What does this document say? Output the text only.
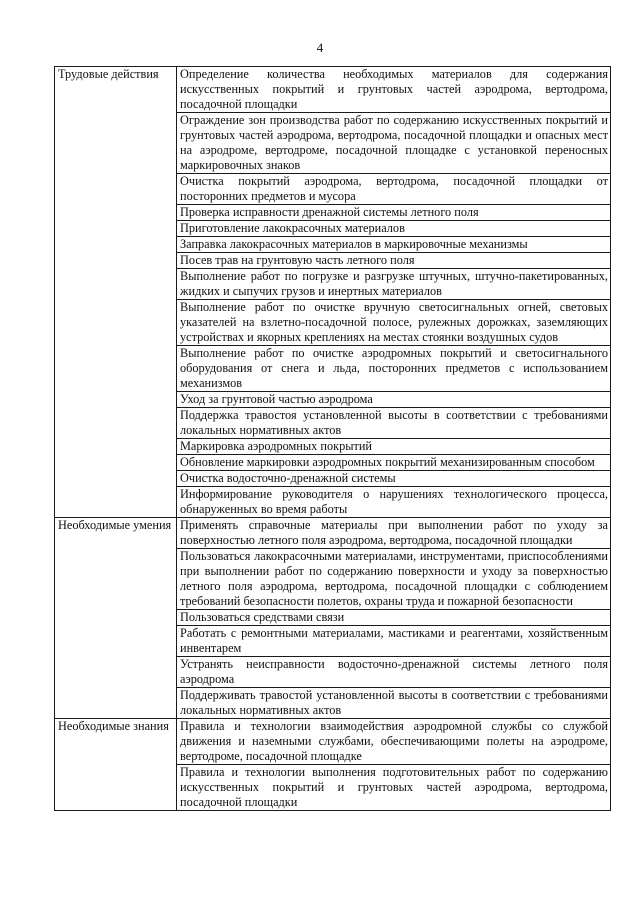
4
Трудовые действия	Определение количества необходимых материалов для содержания искусственных покрытий и грунтовых частей аэродрома, вертодрома, посадочной площадки
	Ограждение зон производства работ по содержанию искусственных покрытий и грунтовых частей аэродрома, вертодрома, посадочной площадки и опасных мест на аэродроме, вертодроме, посадочной площадке с установкой переносных маркировочных знаков
	Очистка покрытий аэродрома, вертодрома, посадочной площадки от посторонних предметов и мусора
	Проверка исправности дренажной системы летного поля
	Приготовление лакокрасочных материалов
	Заправка лакокрасочных материалов в маркировочные механизмы
	Посев трав на грунтовую часть летного поля
	Выполнение работ по погрузке и разгрузке штучных, штучно-пакетированных, жидких и сыпучих грузов и инертных материалов
	Выполнение работ по очистке вручную светосигнальных огней, световых указателей на взлетно-посадочной полосе, рулежных дорожках, заземляющих устройствах и якорных креплениях на местах стоянки воздушных судов
	Выполнение работ по очистке аэродромных покрытий и светосигнального оборудования от снега и льда, посторонних предметов с использованием механизмов
	Уход за грунтовой частью аэродрома
	Поддержка травостоя установленной высоты в соответствии с требованиями локальных нормативных актов
	Маркировка аэродромных покрытий
	Обновление маркировки аэродромных покрытий механизированным способом
	Очистка водосточно-дренажной системы
	Информирование руководителя о нарушениях технологического процесса, обнаруженных во время работы
Необходимые умения	Применять справочные материалы при выполнении работ по уходу за поверхностью летного поля аэродрома, вертодрома, посадочной площадки
	Пользоваться лакокрасочными материалами, инструментами, приспособлениями при выполнении работ по содержанию поверхности и уходу за поверхностью летного поля аэродрома, вертодрома, посадочной площадки с соблюдением требований безопасности полетов, охраны труда и пожарной безопасности
	Пользоваться средствами связи
	Работать с ремонтными материалами, мастиками и реагентами, хозяйственным инвентарем
	Устранять неисправности водосточно-дренажной системы летного поля аэродрома
	Поддерживать травостой установленной высоты в соответствии с требованиями локальных нормативных актов
Необходимые знания	Правила и технологии взаимодействия аэродромной службы со службой движения и наземными службами, обеспечивающими полеты на аэродроме, вертодроме, посадочной площадке
	Правила и технологии выполнения подготовительных работ по содержанию искусственных покрытий и грунтовых частей аэродрома, вертодрома, посадочной площадки
